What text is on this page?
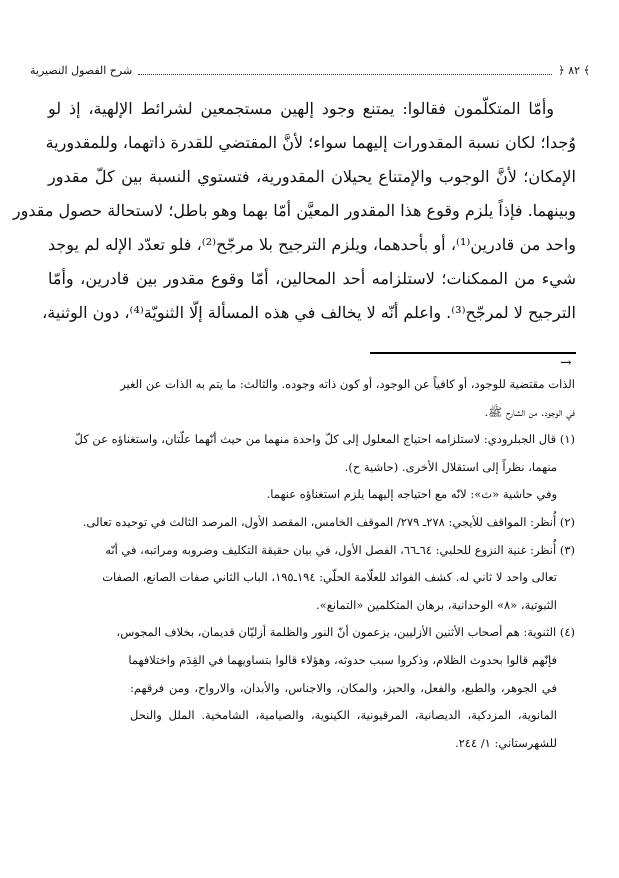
﴾ ٨٢ ﴿
شرح الفصول النصيرية
وأمّا المتكلّمون فقالوا: يمتنع وجود إلهين مستجمعين لشرائط الإلهية، إذ لو
وُجدا؛ لكان نسبة المقدورات إليهما سواء؛ لأنَّ المقتضي للقدرة ذاتهما، وللمقدورية
الإمكان؛ لأنَّ الوجوب والإمتناع يحيلان المقدورية، فتستوي النسبة بين كلّ مقدور
وبينهما. فإذاً يلزم وقوع هذا المقدور المعيَّن أمّا بهما وهو باطل؛ لاستحالة حصول مقدور
واحد من قادرين⁽¹⁾، أو بأحدهما، ويلزم الترجيح بلا مرجّح⁽²⁾، فلو تعدّد الإله لم يوجد
شيء من الممكنات؛ لاستلزامه أحد المحالين، أمّا وقوع مقدور بين قادرين، وأمّا
الترجيح لا لمرجّح⁽³⁾. واعلم أنّه لا يخالف في هذه المسألة إلّا الثنويّة⁽⁴⁾، دون الوثنية،
→
الذات مقتضية للوجود، أو كافياً عن الوجود، أو كون ذاته وجوده. والثالث: ما يتم به الذات عن الغير
في الوجود. من الشارح ﷺ.
(١) قال الجبلرودي: لاستلزامه احتياج المعلول إلى كلّ واحدة منهما من حيث أنّهما علّتان، واستغناؤه عن كلّ
منهما، نظراً إلى استقلال الأخرى. (حاشية ح).
وفي حاشية «ث»: لانّه مع احتياجه إليهما يلزم استغناؤه عنهما.
(٢) أُنظر: المواقف للأيجي: ٢٧٨ـ ٢٧٩/ الموقف الخامس، المقصد الأول، المرصد الثالث في توحيده تعالى.
(٣) أُنظر: غنية النزوع للحلبي: ٦٤ـ٦٦، الفصل الأول، في بيان حقيقة التكليف وضروبه ومراتبه، في أنّه
تعالى واحد لا ثاني له. كشف الفوائد للعلّامة الحلّي: ١٩٤ـ١٩٥، الباب الثاني صفات الصانع، الصفات
الثبوتية، «٨» الوحدانية، برهان المتكلمين «التمانع».
(٤) الثنوية: هم أصحاب الأثنين الأزليين، يزعمون أنّ النور والظلمة أزليّان قديمان، بخلاف المجوس،
فإنّهم قالوا بحدوث الظلام، وذكروا سبب حدوثه، وهؤلاء قالوا بتساويهما في القِدَم واختلافهما
في الجوهر، والطبع، والفعل، والحيز، والمكان، والاجناس، والأبدان، والارواح، ومن فرقهم:
المانوية، المزدكية، الديصانية، المرقيونية، الكينوية، والصيامية، الشامخية. الملل والنحل
للشهرستاني: ١/ ٢٤٤.
